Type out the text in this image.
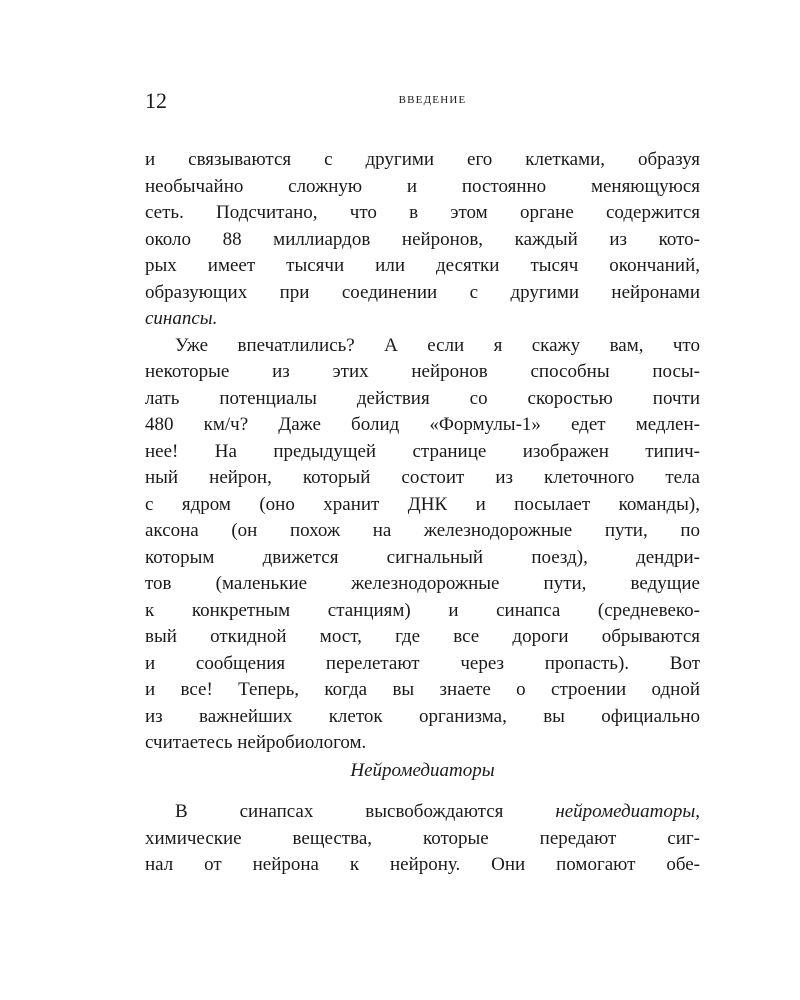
12	ВВЕДЕНИЕ
и связываются с другими его клетками, образуя
необычайно сложную и постоянно меняющуюся
сеть. Подсчитано, что в этом органе содержится
около 88 миллиардов нейронов, каждый из кото-
рых имеет тысячи или десятки тысяч окончаний,
образующих при соединении с другими нейронами
синапсы.
Уже впечатлились? А если я скажу вам, что
некоторые из этих нейронов способны посы-
лать потенциалы действия со скоростью почти
480 км/ч? Даже болид «Формулы-1» едет медлен-
нее! На предыдущей странице изображен типич-
ный нейрон, который состоит из клеточного тела
с ядром (оно хранит ДНК и посылает команды),
аксона (он похож на железнодорожные пути, по
которым движется сигнальный поезд), дендри-
тов (маленькие железнодорожные пути, ведущие
к конкретным станциям) и синапса (средневеко-
вый откидной мост, где все дороги обрываются
и сообщения перелетают через пропасть). Вот
и все! Теперь, когда вы знаете о строении одной
из важнейших клеток организма, вы официально
считаетесь нейробиологом.
Нейромедиаторы
В синапсах высвобождаются нейромедиаторы,
химические вещества, которые передают сиг-
нал от нейрона к нейрону. Они помогают обе-
